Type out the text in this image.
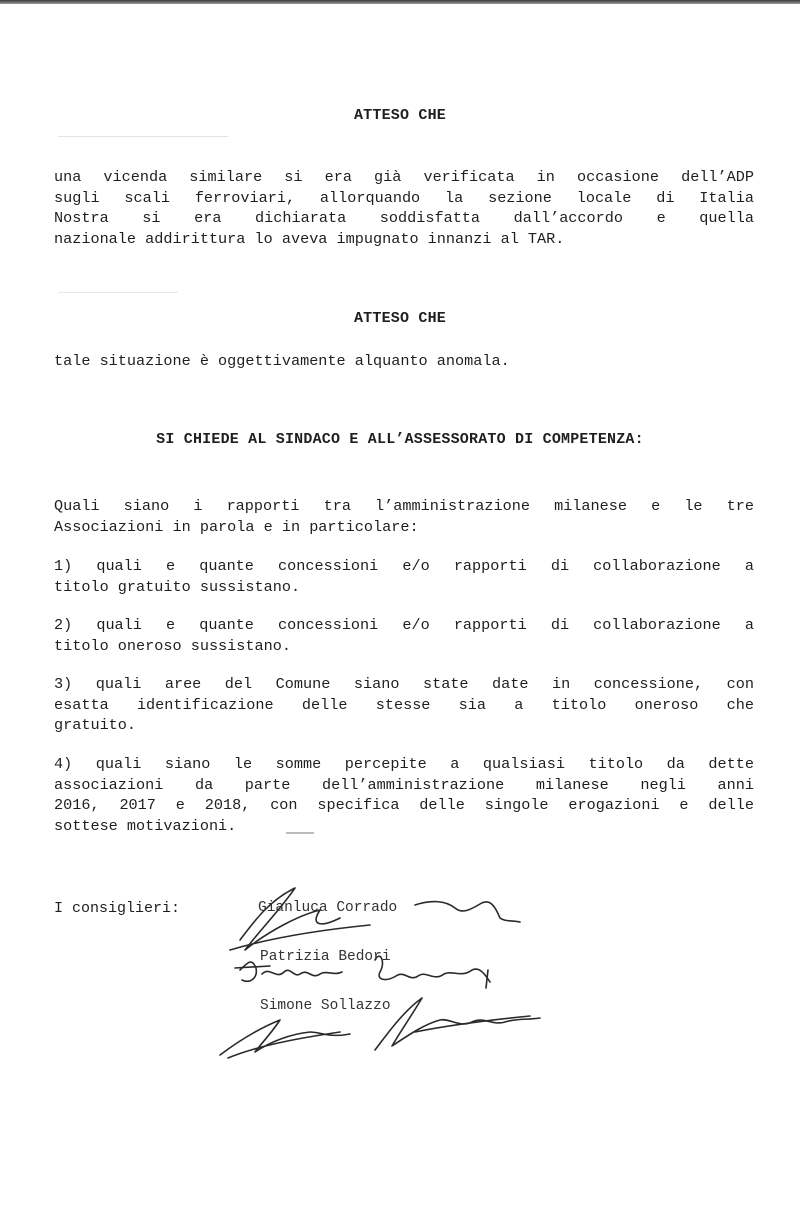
ATTESO CHE
una vicenda similare si era già verificata in occasione dell’ADP
sugli scali ferroviari, allorquando la sezione locale di Italia
Nostra si era dichiarata soddisfatta dall’accordo e quella
nazionale addirittura lo aveva impugnato innanzi al TAR.
ATTESO CHE
tale situazione è oggettivamente alquanto anomala.
SI CHIEDE AL SINDACO E ALL’ASSESSORATO DI COMPETENZA:
Quali siano i rapporti tra l’amministrazione milanese e le tre
Associazioni in parola e in particolare:
1) quali e quante concessioni e/o rapporti di collaborazione a
titolo gratuito sussistano.
2) quali e quante concessioni e/o rapporti di collaborazione a
titolo oneroso sussistano.
3) quali aree del Comune siano state date in concessione, con
esatta identificazione delle stesse sia a titolo oneroso che
gratuito.
4) quali siano le somme percepite a qualsiasi titolo da dette
associazioni da parte dell’amministrazione milanese negli anni
2016, 2017 e 2018, con specifica delle singole erogazioni e delle
sottese motivazioni.

I consiglieri:	Gianluca Corrado

Patrizia Bedori

Simone Sollazzo
